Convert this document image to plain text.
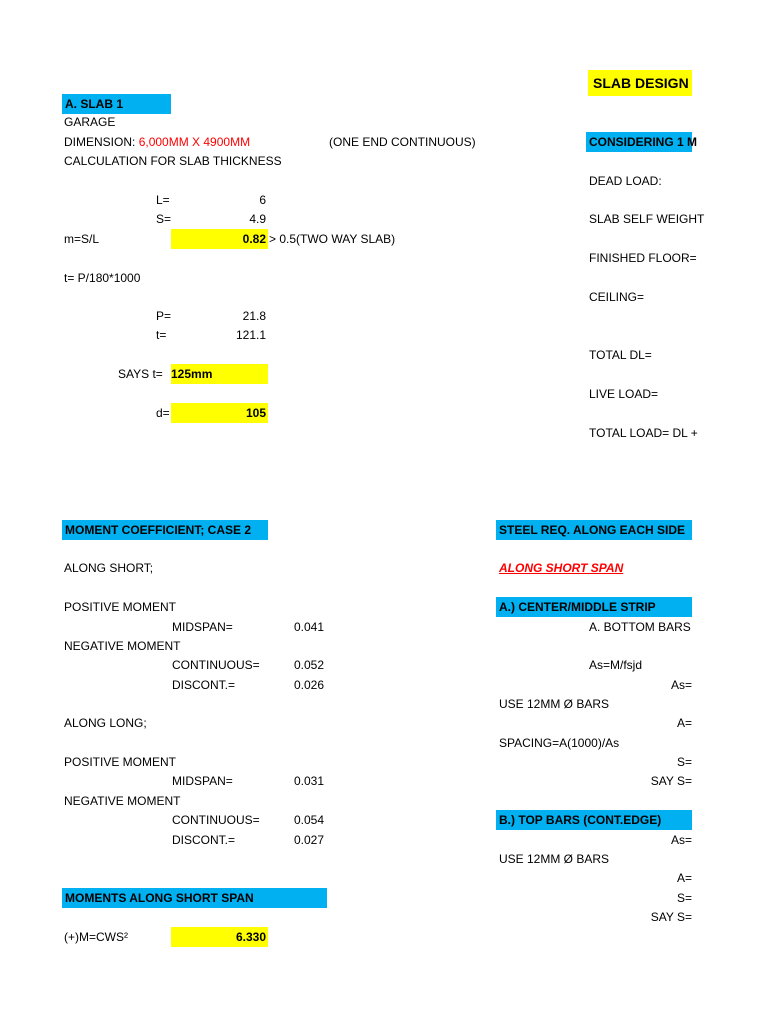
SLAB DESIGN
A. SLAB 1
GARAGE
DIMENSION: 6,000MM X 4900MM	(ONE END CONTINUOUS)
CALCULATION FOR SLAB THICKNESS
L=	6
S=	4.9
m=S/L	0.82 > 0.5(TWO WAY SLAB)
t= P/180*1000
P=	21.8
t=	121.1
SAYS t= 125mm
d=	105
CONSIDERING 1 M
DEAD LOAD:
SLAB SELF WEIGHT
FINISHED FLOOR=
CEILING=
TOTAL DL=
LIVE LOAD=
TOTAL LOAD= DL +
MOMENT COEFFICIENT; CASE 2
ALONG SHORT;
POSITIVE MOMENT
MIDSPAN=	0.041
NEGATIVE MOMENT
CONTINUOUS=	0.052
DISCONT.=	0.026
ALONG LONG;
POSITIVE MOMENT
MIDSPAN=	0.031
NEGATIVE MOMENT
CONTINUOUS=	0.054
DISCONT.=	0.027
MOMENTS ALONG SHORT SPAN
(+)M=CWS²	6.330
STEEL REQ. ALONG EACH SIDE
ALONG SHORT SPAN
A.) CENTER/MIDDLE STRIP
A. BOTTOM BARS
As=M/fsjd
As=
USE 12MM Ø BARS
A=
SPACING=A(1000)/As
S=
SAY S=
B.) TOP BARS (CONT.EDGE)
As=
USE 12MM Ø BARS
A=
S=
SAY S=
